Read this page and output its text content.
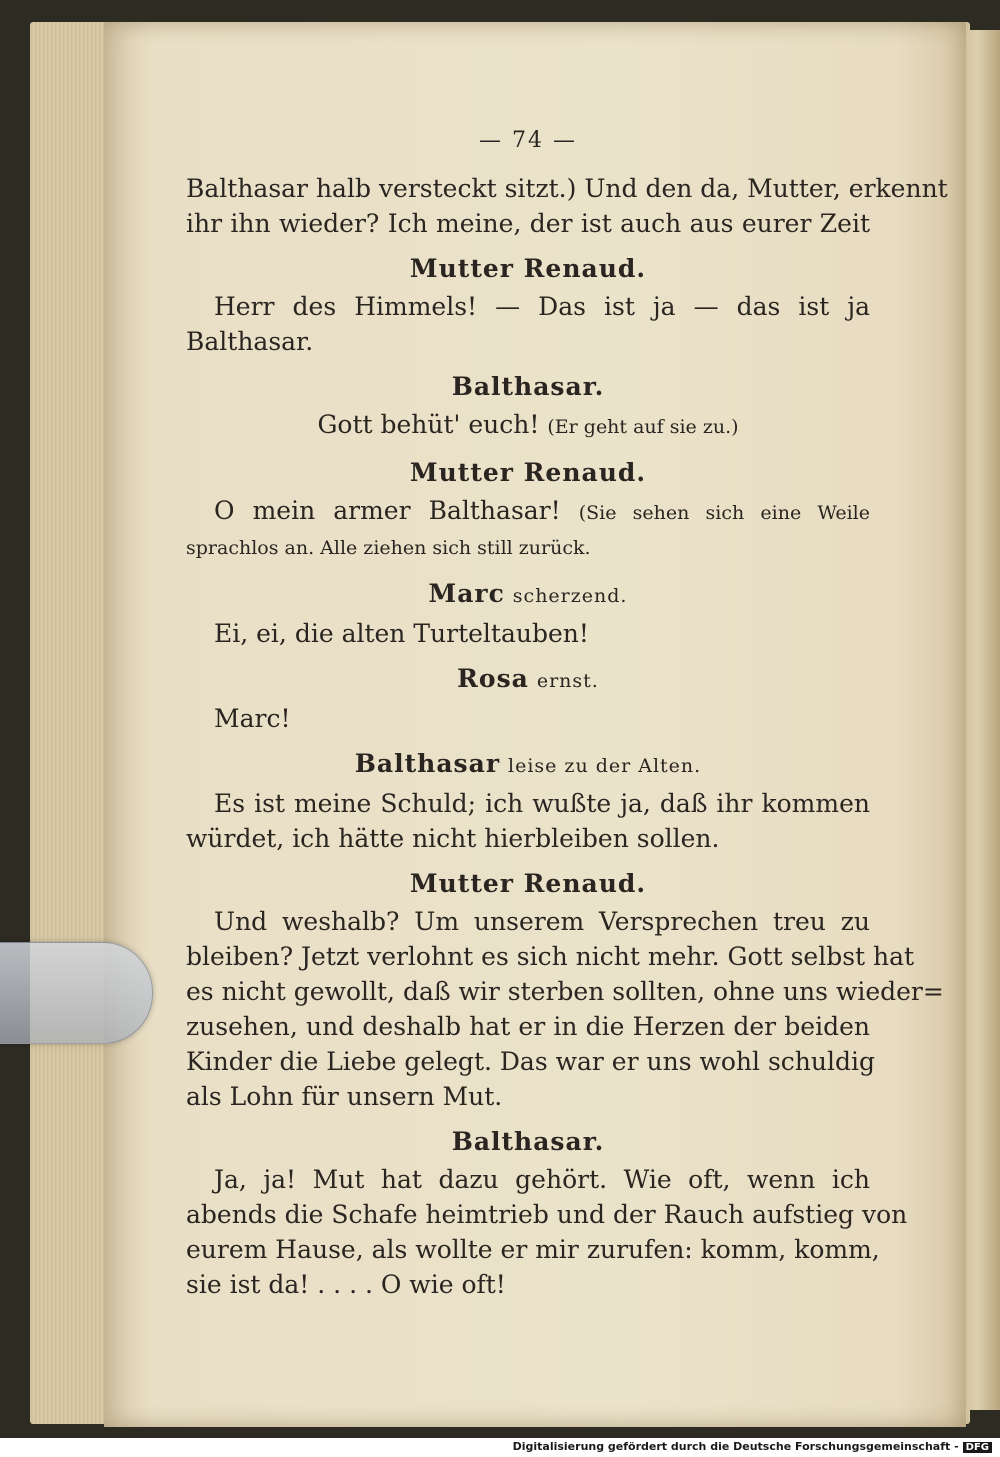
— 74 —

Balthasar halb versteckt sitzt.) Und den da, Mutter, erkennt

ihr ihn wieder? Ich meine, der ist auch aus eurer Zeit

Mutter Renaud.

Herr des Himmels! — Das ist ja — das ist ja

Balthasar.

Balthasar.

Gott behüt' euch! (Er geht auf sie zu.)

Mutter Renaud.

O mein armer Balthasar! (Sie sehen sich eine Weile

sprachlos an. Alle ziehen sich still zurück.

Marc scherzend.

Ei, ei, die alten Turteltauben!

Rosa ernst.

Marc!

Balthasar leise zu der Alten.

Es ist meine Schuld; ich wußte ja, daß ihr kommen

würdet, ich hätte nicht hierbleiben sollen.

Mutter Renaud.

Und weshalb? Um unserem Versprechen treu zu

bleiben? Jetzt verlohnt es sich nicht mehr. Gott selbst hat

es nicht gewollt, daß wir sterben sollten, ohne uns wieder=

zusehen, und deshalb hat er in die Herzen der beiden

Kinder die Liebe gelegt. Das war er uns wohl schuldig

als Lohn für unsern Mut.

Balthasar.

Ja, ja! Mut hat dazu gehört. Wie oft, wenn ich

abends die Schafe heimtrieb und der Rauch aufstieg von

eurem Hause, als wollte er mir zurufen: komm, komm,

sie ist da! . . . . O wie oft!

Digitalisierung gefördert durch die Deutsche Forschungsgemeinschaft - DFG
